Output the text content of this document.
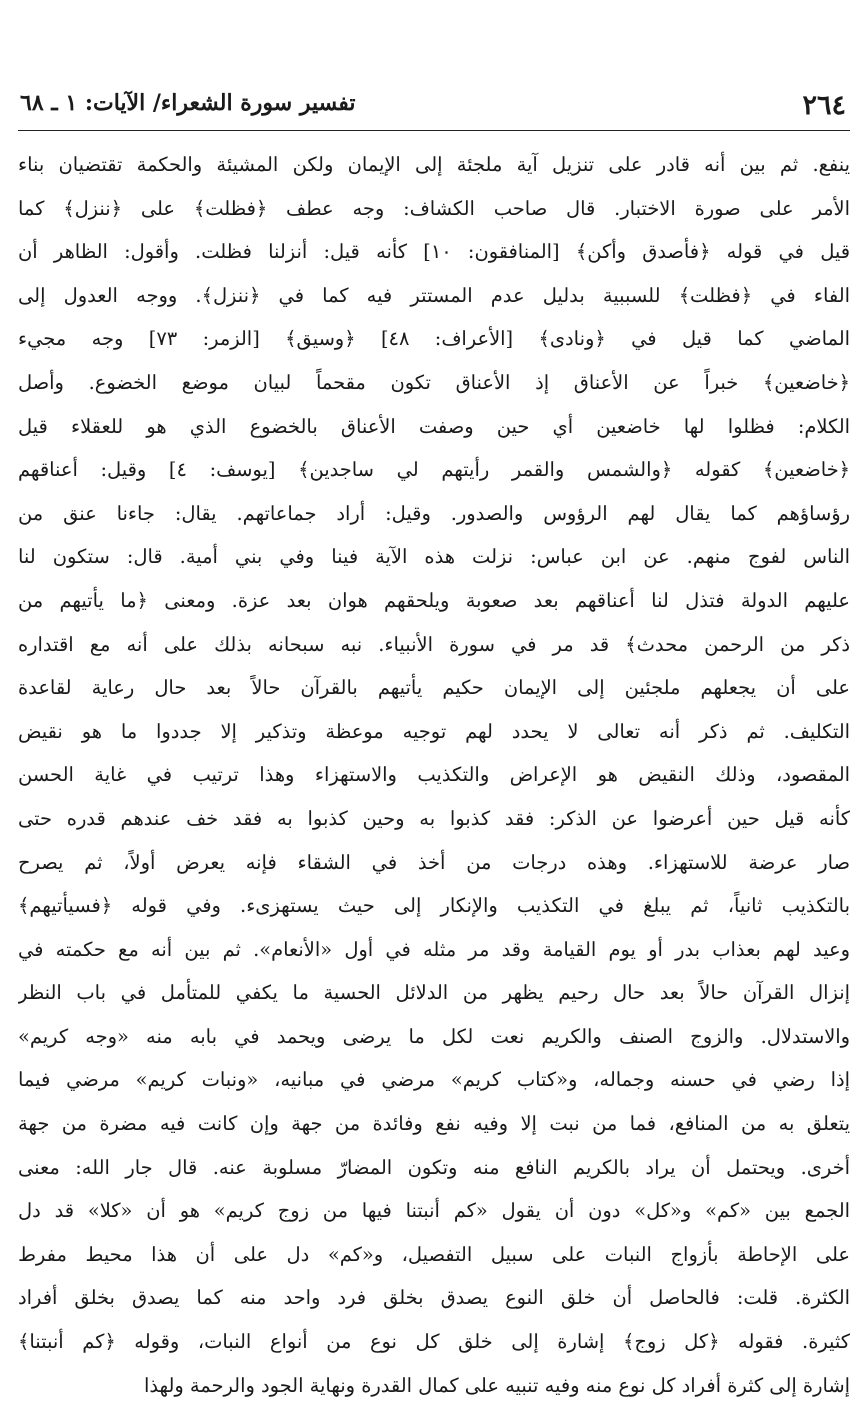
٢٦٤
تفسير سورة الشعراء/ الآيات: ١ ـ ٦٨
ينفع. ثم بين أنه قادر على تنزيل آية ملجئة إلى الإيمان ولكن المشيئة والحكمة تقتضيان بناء
الأمر على صورة الاختبار. قال صاحب الكشاف: وجه عطف ﴿فظلت﴾ على ﴿ننزل﴾ كما
قيل في قوله ﴿فأصدق وأكن﴾ [المنافقون: ١٠] كأنه قيل: أنزلنا فظلت. وأقول: الظاهر أن
الفاء في ﴿فظلت﴾ للسببية بدليل عدم المستتر فيه كما في ﴿ننزل﴾. ووجه العدول إلى
الماضي كما قيل في ﴿ونادى﴾ [الأعراف: ٤٨] ﴿وسيق﴾ [الزمر: ٧٣] وجه مجيء
﴿خاضعين﴾ خبراً عن الأعناق إذ الأعناق تكون مقحماً لبيان موضع الخضوع. وأصل
الكلام: فظلوا لها خاضعين أي حين وصفت الأعناق بالخضوع الذي هو للعقلاء قيل
﴿خاضعين﴾ كقوله ﴿والشمس والقمر رأيتهم لي ساجدين﴾ [يوسف: ٤] وقيل: أعناقهم
رؤساؤهم كما يقال لهم الرؤوس والصدور. وقيل: أراد جماعاتهم. يقال: جاءنا عنق من
الناس لفوج منهم. عن ابن عباس: نزلت هذه الآية فينا وفي بني أمية. قال: ستكون لنا
عليهم الدولة فتذل لنا أعناقهم بعد صعوبة ويلحقهم هوان بعد عزة. ومعنى ﴿ما يأتيهم من
ذكر من الرحمن محدث﴾ قد مر في سورة الأنبياء. نبه سبحانه بذلك على أنه مع اقتداره
على أن يجعلهم ملجئين إلى الإيمان حكيم يأتيهم بالقرآن حالاً بعد حال رعاية لقاعدة
التكليف. ثم ذكر أنه تعالى لا يحدد لهم توجيه موعظة وتذكير إلا جددوا ما هو نقيض
المقصود، وذلك النقيض هو الإعراض والتكذيب والاستهزاء وهذا ترتيب في غاية الحسن
كأنه قيل حين أعرضوا عن الذكر: فقد كذبوا به وحين كذبوا به فقد خف عندهم قدره حتى
صار عرضة للاستهزاء. وهذه درجات من أخذ في الشقاء فإنه يعرض أولاً، ثم يصرح
بالتكذيب ثانياً، ثم يبلغ في التكذيب والإنكار إلى حيث يستهزىء. وفي قوله ﴿فسيأتيهم﴾
وعيد لهم بعذاب بدر أو يوم القيامة وقد مر مثله في أول «الأنعام». ثم بين أنه مع حكمته في
إنزال القرآن حالاً بعد حال رحيم يظهر من الدلائل الحسية ما يكفي للمتأمل في باب النظر
والاستدلال. والزوج الصنف والكريم نعت لكل ما يرضى ويحمد في بابه منه «وجه كريم»
إذا رضي في حسنه وجماله، و«كتاب كريم» مرضي في مبانيه، «ونبات كريم» مرضي فيما
يتعلق به من المنافع، فما من نبت إلا وفيه نفع وفائدة من جهة وإن كانت فيه مضرة من جهة
أخرى. ويحتمل أن يراد بالكريم النافع منه وتكون المضارّ مسلوبة عنه. قال جار الله: معنى
الجمع بين «كم» و«كل» دون أن يقول «كم أنبتنا فيها من زوج كريم» هو أن «كلا» قد دل
على الإحاطة بأزواج النبات على سبيل التفصيل، و«كم» دل على أن هذا محيط مفرط
الكثرة. قلت: فالحاصل أن خلق النوع يصدق بخلق فرد واحد منه كما يصدق بخلق أفراد
كثيرة. فقوله ﴿كل زوج﴾ إشارة إلى خلق كل نوع من أنواع النبات، وقوله ﴿كم أنبتنا﴾
إشارة إلى كثرة أفراد كل نوع منه وفيه تنبيه على كمال القدرة ونهاية الجود والرحمة ولهذا
